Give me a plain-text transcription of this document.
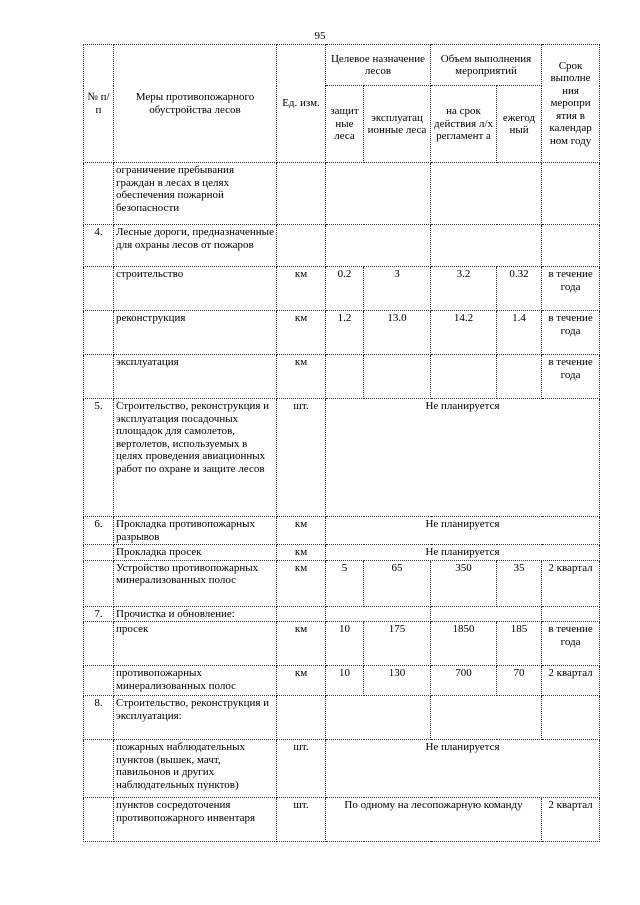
95
№ п/п	Меры противопожарного обустройства лесов	Ед. изм.	Целевое назначение лесов		Объем выполнения мероприятий		Срок выполне ния меропри ятия в календар ном году
			защит ные леса	эксплуатац ионные леса	на срок действия л/х регламент а	ежегод ный	
	ограничение пребывания граждан в лесах в целях обеспечения пожарной безопасности						
4.	Лесные дороги, предназначенные для охраны лесов от пожаров						
	строительство	км	0.2	3	3.2	0.32	в течение года
	реконструкция	км	1.2	13.0	14.2	1.4	в течение года
	эксплуатация	км					в течение года
5.	Строительство, реконструкция и эксплуатация посадочных площадок для самолетов, вертолетов, используемых в целях проведения авиационных работ по охране и защите лесов	шт.	Не планируется				
6.	Прокладка противопожарных разрывов	км	Не планируется				
	Прокладка просек	км	Не планируется				
	Устройство противопожарных минерализованных полос	км	5	65	350	35	2 квартал
7.	Прочистка и обновление:						
	просек	км	10	175	1850	185	в течение года
	противопожарных минерализованных полос	км	10	130	700	70	2 квартал
8.	Строительство, реконструкция и эксплуатация:						
	пожарных наблюдательных пунктов (вышек, мачт, павильонов и других наблюдательных пунктов)	шт.	Не планируется				
	пунктов сосредоточения противопожарного инвентаря	шт.	По одному на лесопожарную команду				2 квартал
